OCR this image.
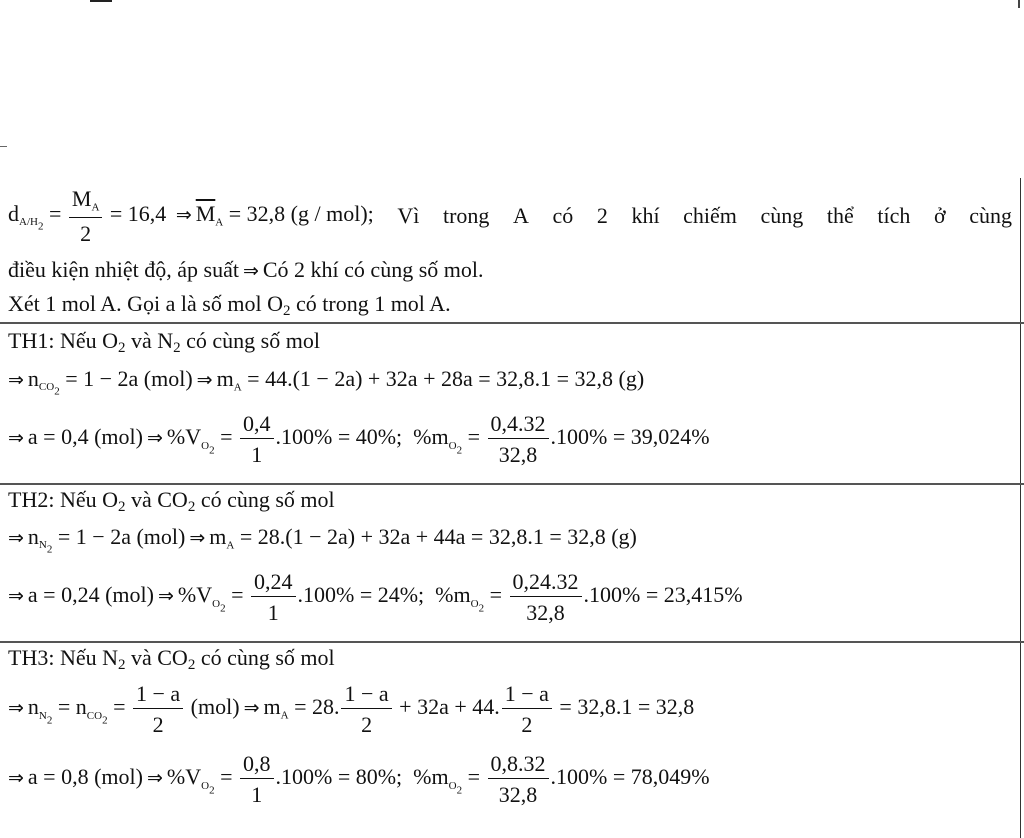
$d_{A/H_2} = \frac{M_A}{2} = 16,4$ ⇒ $\overline{M}_A = 32,8$ (g / mol); Vì trong A có 2 khí chiếm cùng thể tích ở cùng
điều kiện nhiệt độ, áp suất ⇒ Có 2 khí có cùng số mol.
Xét 1 mol A. Gọi a là số mol $O_2$ có trong 1 mol A.
TH1: Nếu $O_2$ và $N_2$ có cùng số mol
⇒ $n_{CO_2} = 1 - 2a$ (mol) ⇒ $m_A = 44.(1 - 2a) + 32a + 28a = 32,8.1 = 32,8$ (g)
⇒ a = 0,4 (mol) ⇒ $\%V_{O_2} = \frac{0,4}{1} .100\% = 40\%$; $\%m_{O_2} = \frac{0,4.32}{32,8} .100\% = 39,024\%$
TH2: Nếu $O_2$ và $CO_2$ có cùng số mol
⇒ $n_{N_2} = 1 - 2a$ (mol) ⇒ $m_A = 28.(1 - 2a) + 32a + 44a = 32,8.1 = 32,8$ (g)
⇒ a = 0,24 (mol) ⇒ $\%V_{O_2} = \frac{0,24}{1} .100\% = 24\%$; $\%m_{O_2} = \frac{0,24.32}{32,8} .100\% = 23,415\%$
TH3: Nếu $N_2$ và $CO_2$ có cùng số mol
⇒ $n_{N_2} = n_{CO_2} = \frac{1 - a}{2} (mol)$ ⇒ $m_A = 28$. $\frac{1 - a}{2} + 32a + 44$. $\frac{1 - a}{2} = 32,8.1 = 32,8$
⇒ a = 0,8 (mol) ⇒ $\%V_{O_2} = \frac{0,8}{1} .100\% = 80\%$; $\%m_{O_2} = \frac{0,8.32}{32,8} .100\% = 78,049\%$
